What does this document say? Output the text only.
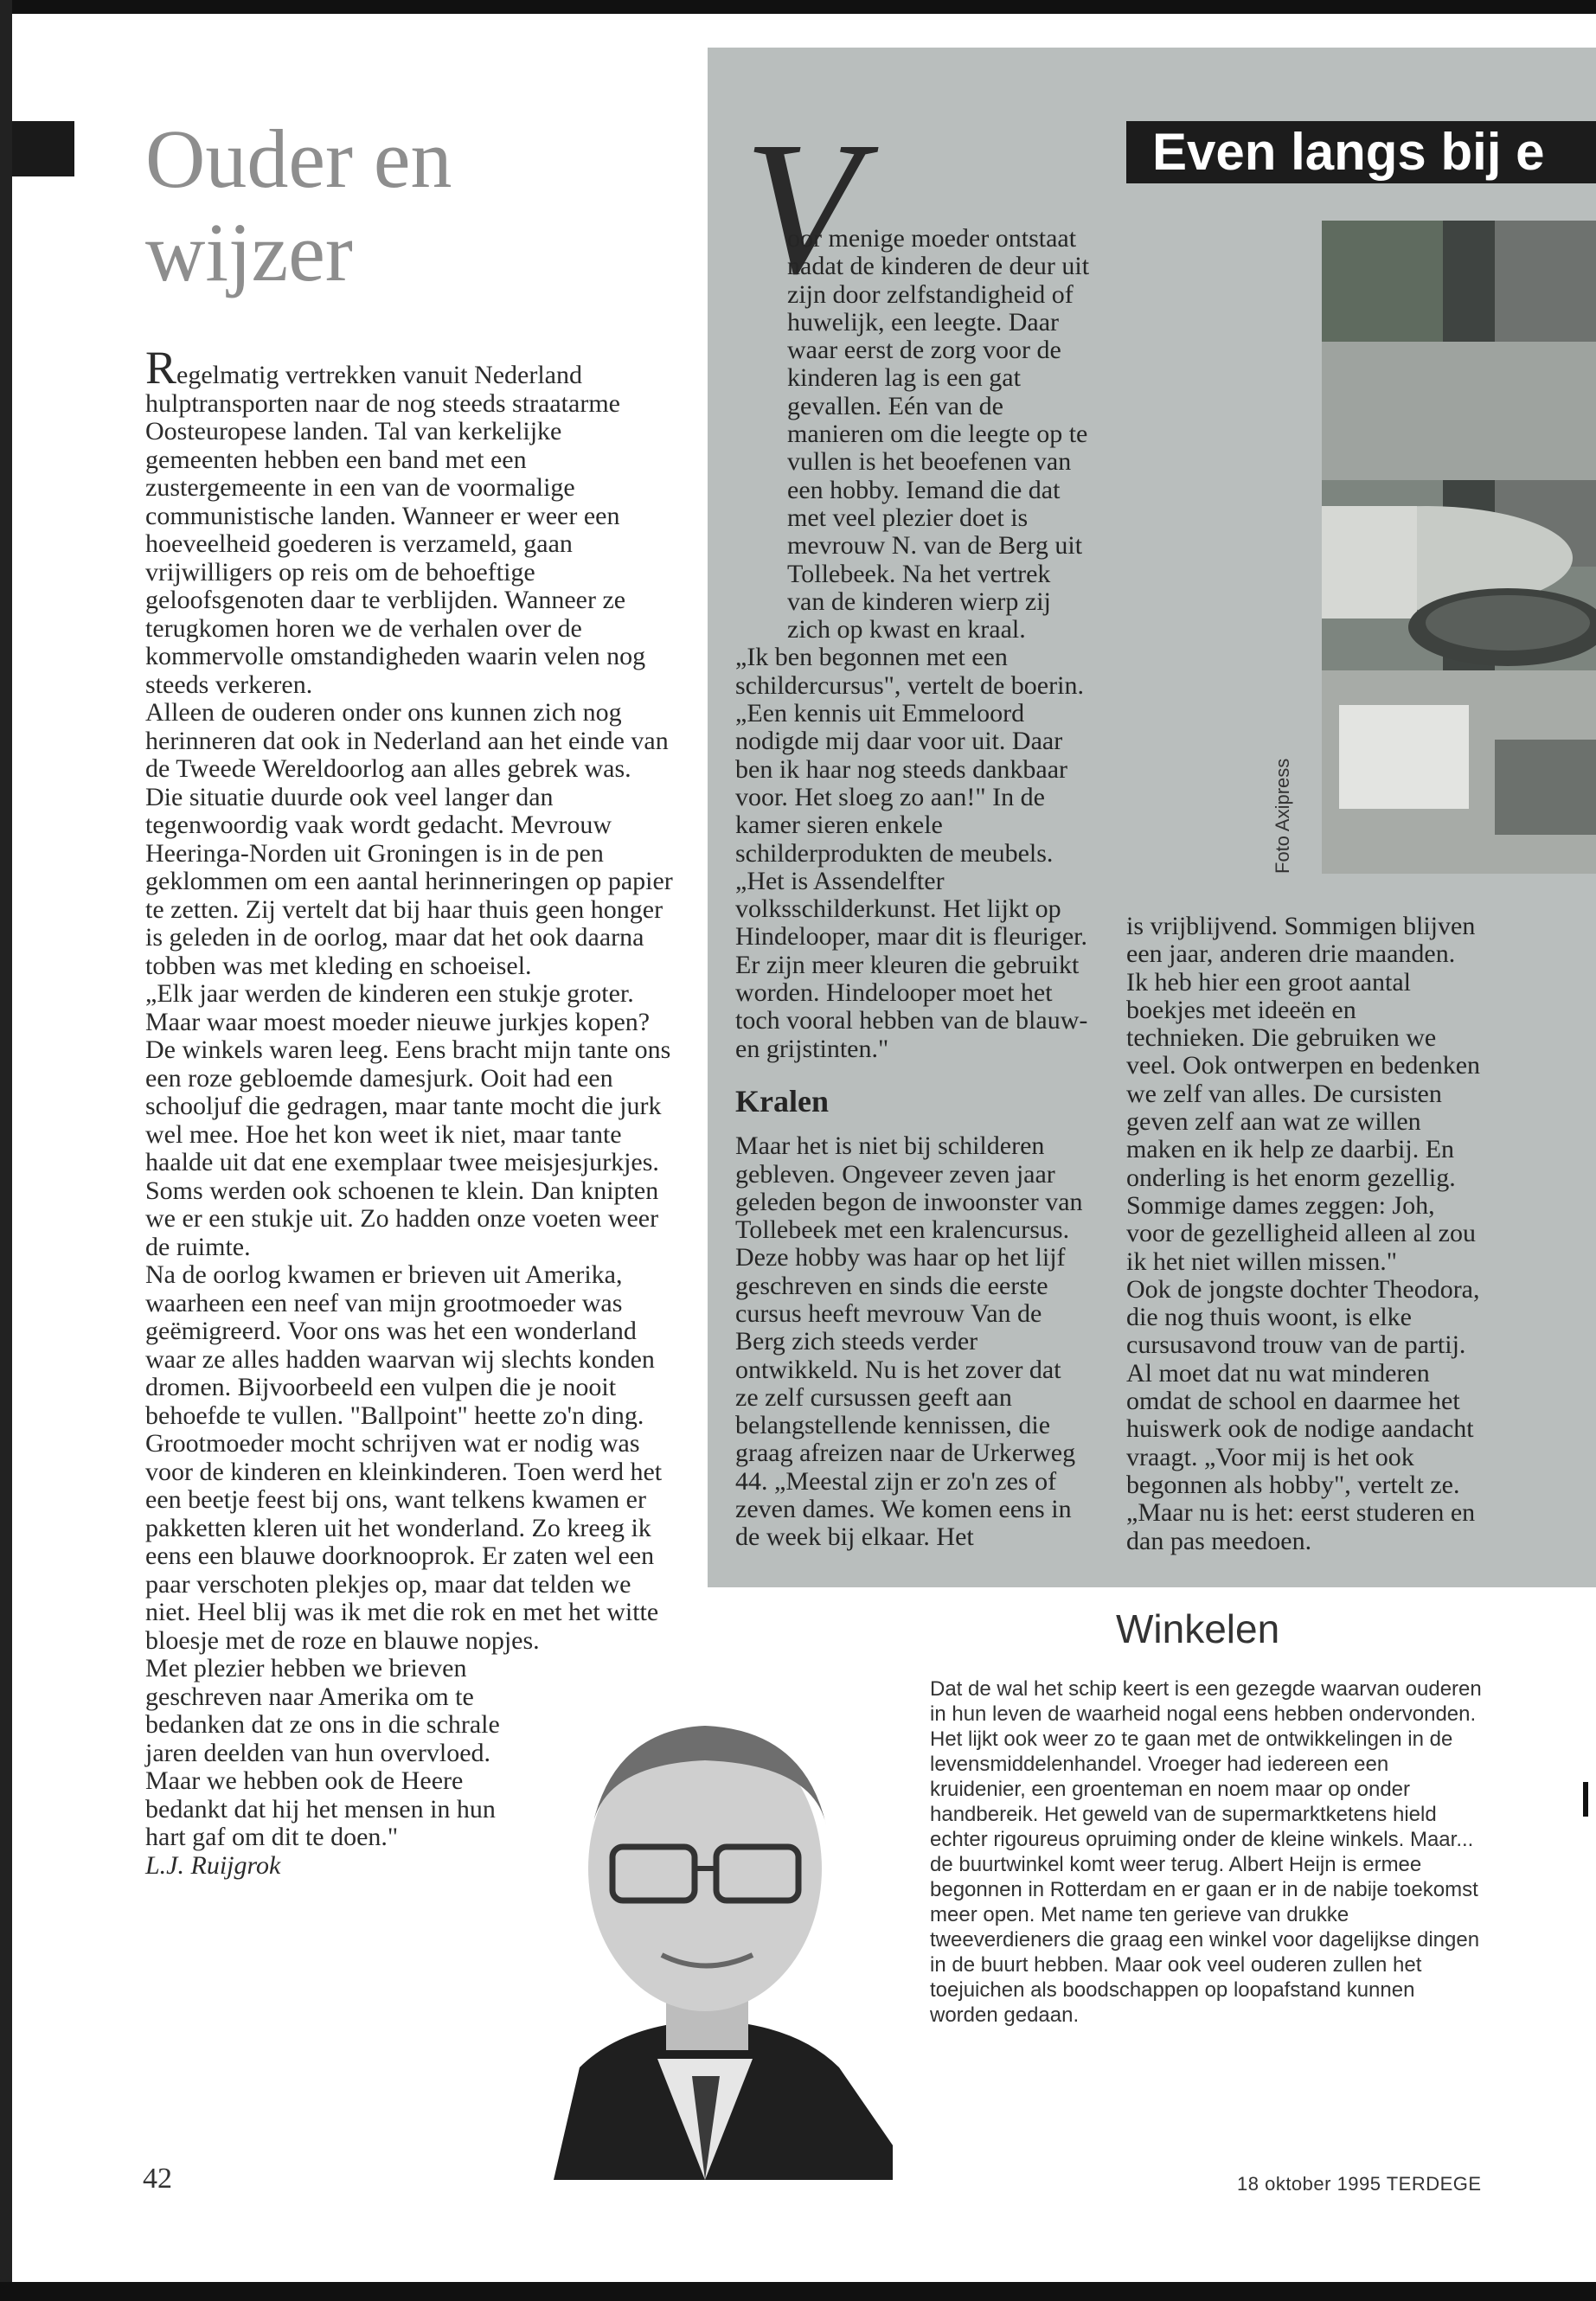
Ouder en wijzer

Regelmatig vertrekken vanuit Nederland hulptransporten naar de nog steeds straatarme Oosteuropese landen. Tal van kerkelijke gemeenten hebben een band met een zustergemeente in een van de voormalige communistische landen. Wanneer er weer een hoeveelheid goederen is verzameld, gaan vrijwilligers op reis om de behoeftige geloofsgenoten daar te verblijden. Wanneer ze terugkomen horen we de verhalen over de kommervolle omstandigheden waarin velen nog steeds verkeren.

Alleen de ouderen onder ons kunnen zich nog herinneren dat ook in Nederland aan het einde van de Tweede Wereldoorlog aan alles gebrek was. Die situatie duurde ook veel langer dan tegenwoordig vaak wordt gedacht. Mevrouw Heeringa-Norden uit Groningen is in de pen geklommen om een aantal herinneringen op papier te zetten. Zij vertelt dat bij haar thuis geen honger is geleden in de oorlog, maar dat het ook daarna tobben was met kleding en schoeisel.

„Elk jaar werden de kinderen een stukje groter. Maar waar moest moeder nieuwe jurkjes kopen? De winkels waren leeg. Eens bracht mijn tante ons een roze gebloemde damesjurk. Ooit had een schooljuf die gedragen, maar tante mocht die jurk wel mee. Hoe het kon weet ik niet, maar tante haalde uit dat ene exemplaar twee meisjesjurkjes. Soms werden ook schoenen te klein. Dan knipten we er een stukje uit. Zo hadden onze voeten weer de ruimte.

Na de oorlog kwamen er brieven uit Amerika, waarheen een neef van mijn grootmoeder was geëmigreerd. Voor ons was het een wonderland waar ze alles hadden waarvan wij slechts konden dromen. Bijvoorbeeld een vulpen die je nooit behoefde te vullen. "Ballpoint" heette zo'n ding. Grootmoeder mocht schrijven wat er nodig was voor de kinderen en kleinkinderen. Toen werd het een beetje feest bij ons, want telkens kwamen er pakketten kleren uit het wonderland. Zo kreeg ik eens een blauwe doorknooprok. Er zaten wel een paar verschoten plekjes op, maar dat telden we niet. Heel blij was ik met die rok en met het witte bloesje met de roze en blauwe nopjes.

Met plezier hebben we brieven geschreven naar Amerika om te bedanken dat ze ons in die schrale jaren deelden van hun overvloed. Maar we hebben ook de Heere bedankt dat hij het mensen in hun hart gaf om dit te doen."

L.J. Ruijgrok

V

oor menige moeder ontstaat nadat de kinderen de deur uit zijn door zelfstandigheid of huwelijk, een leegte. Daar waar eerst de zorg voor de kinderen lag is een gat gevallen. Eén van de manieren om die leegte op te vullen is het beoefenen van een hobby. Iemand die dat met veel plezier doet is mevrouw N. van de Berg uit Tollebeek. Na het vertrek van de kinderen wierp zij zich op kwast en kraal.

„Ik ben begonnen met een schildercursus", vertelt de boerin. „Een kennis uit Emmeloord nodigde mij daar voor uit. Daar ben ik haar nog steeds dankbaar voor. Het sloeg zo aan!" In de kamer sieren enkele schilderprodukten de meubels. „Het is Assendelfter volksschilderkunst. Het lijkt op Hindelooper, maar dit is fleuriger. Er zijn meer kleuren die gebruikt worden. Hindelooper moet het toch vooral hebben van de blauw- en grijstinten."

Kralen

Maar het is niet bij schilderen gebleven. Ongeveer zeven jaar geleden begon de inwoonster van Tollebeek met een kralencursus. Deze hobby was haar op het lijf geschreven en sinds die eerste cursus heeft mevrouw Van de Berg zich steeds verder ontwikkeld. Nu is het zover dat ze zelf cursussen geeft aan belangstellende kennissen, die graag afreizen naar de Urkerweg 44. „Meestal zijn er zo'n zes of zeven dames. We komen eens in de week bij elkaar. Het

Even langs bij e
Foto Axipress

is vrijblijvend. Sommigen blijven een jaar, anderen drie maanden. Ik heb hier een groot aantal boekjes met ideeën en technieken. Die gebruiken we veel. Ook ontwerpen en bedenken we zelf van alles. De cursisten geven zelf aan wat ze willen maken en ik help ze daarbij. En onderling is het enorm gezellig. Sommige dames zeggen: Joh, voor de gezelligheid alleen al zou ik het niet willen missen."

Ook de jongste dochter Theodora, die nog thuis woont, is elke cursusavond trouw van de partij. Al moet dat nu wat minderen omdat de school en daarmee het huiswerk ook de nodige aandacht vraagt. „Voor mij is het ook begonnen als hobby", vertelt ze. „Maar nu is het: eerst studeren en dan pas meedoen.

Winkelen

Dat de wal het schip keert is een gezegde waarvan ouderen in hun leven de waarheid nogal eens hebben ondervonden. Het lijkt ook weer zo te gaan met de ontwikkelingen in de levensmiddelenhandel. Vroeger had iedereen een kruidenier, een groenteman en noem maar op onder handbereik. Het geweld van de supermarktketens hield echter rigoureus opruiming onder de kleine winkels. Maar... de buurtwinkel komt weer terug. Albert Heijn is ermee begonnen in Rotterdam en er gaan er in de nabije toekomst meer open. Met name ten gerieve van drukke tweeverdieners die graag een winkel voor dagelijkse dingen in de buurt hebben. Maar ook veel ouderen zullen het toejuichen als boodschappen op loopafstand kunnen worden gedaan.

42	18 oktober 1995 TERDEGE
